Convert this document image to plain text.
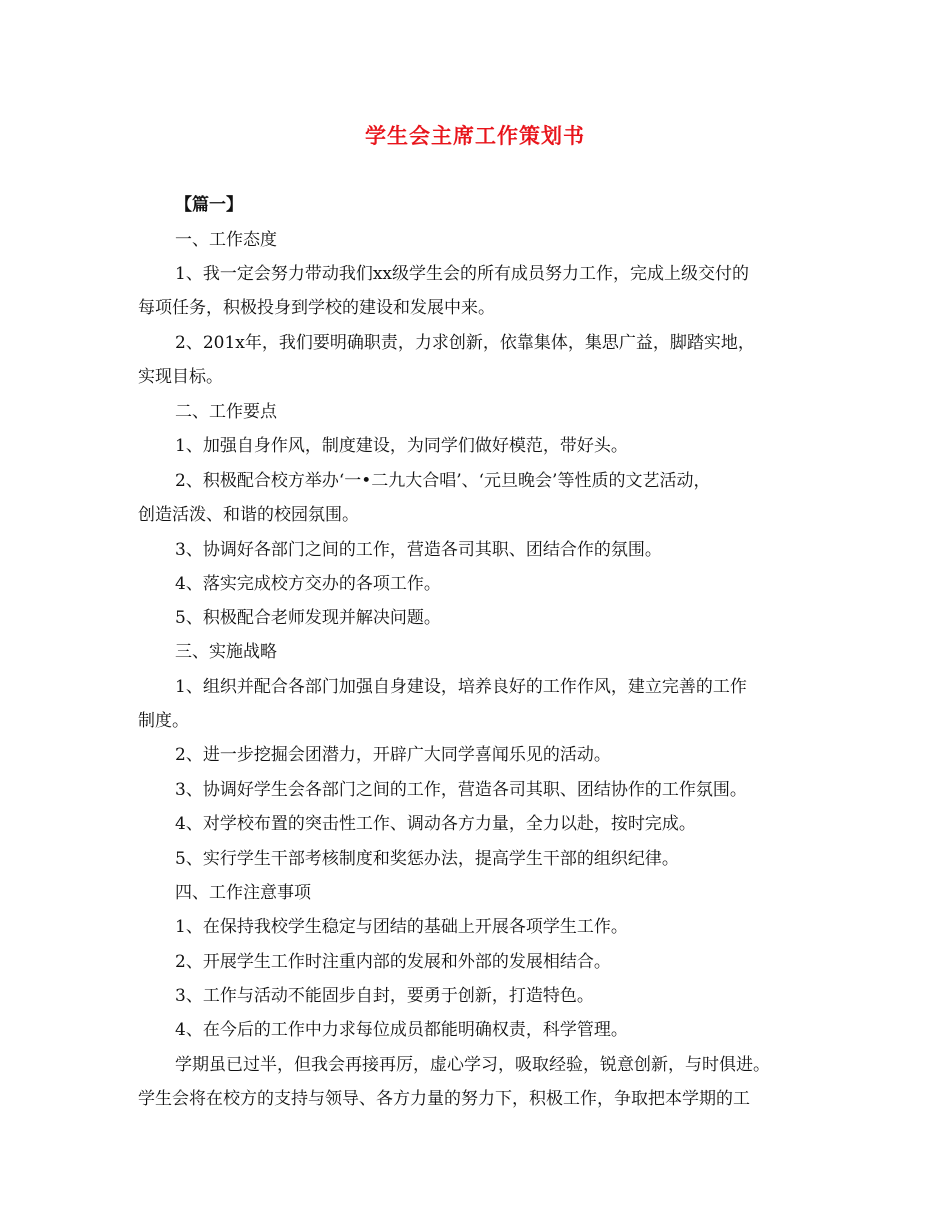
学生会主席工作策划书
【篇一】
一、工作态度
1、我一定会努力带动我们xx级学生会的所有成员努力工作，完成上级交付的
每项任务，积极投身到学校的建设和发展中来。
2、201x年，我们要明确职责，力求创新，依靠集体，集思广益，脚踏实地，
实现目标。
二、工作要点
1、加强自身作风，制度建设，为同学们做好模范，带好头。
2、积极配合校方举办‘一•二九大合唱’、‘元旦晚会’等性质的文艺活动，
创造活泼、和谐的校园氛围。
3、协调好各部门之间的工作，营造各司其职、团结合作的氛围。
4、落实完成校方交办的各项工作。
5、积极配合老师发现并解决问题。
三、实施战略
1、组织并配合各部门加强自身建设，培养良好的工作作风，建立完善的工作
制度。
2、进一步挖掘会团潜力，开辟广大同学喜闻乐见的活动。
3、协调好学生会各部门之间的工作，营造各司其职、团结协作的工作氛围。
4、对学校布置的突击性工作、调动各方力量，全力以赴，按时完成。
5、实行学生干部考核制度和奖惩办法，提高学生干部的组织纪律。
四、工作注意事项
1、在保持我校学生稳定与团结的基础上开展各项学生工作。
2、开展学生工作时注重内部的发展和外部的发展相结合。
3、工作与活动不能固步自封，要勇于创新，打造特色。
4、在今后的工作中力求每位成员都能明确权责，科学管理。
学期虽已过半，但我会再接再厉，虚心学习，吸取经验，锐意创新，与时俱进。
学生会将在校方的支持与领导、各方力量的努力下，积极工作，争取把本学期的工
